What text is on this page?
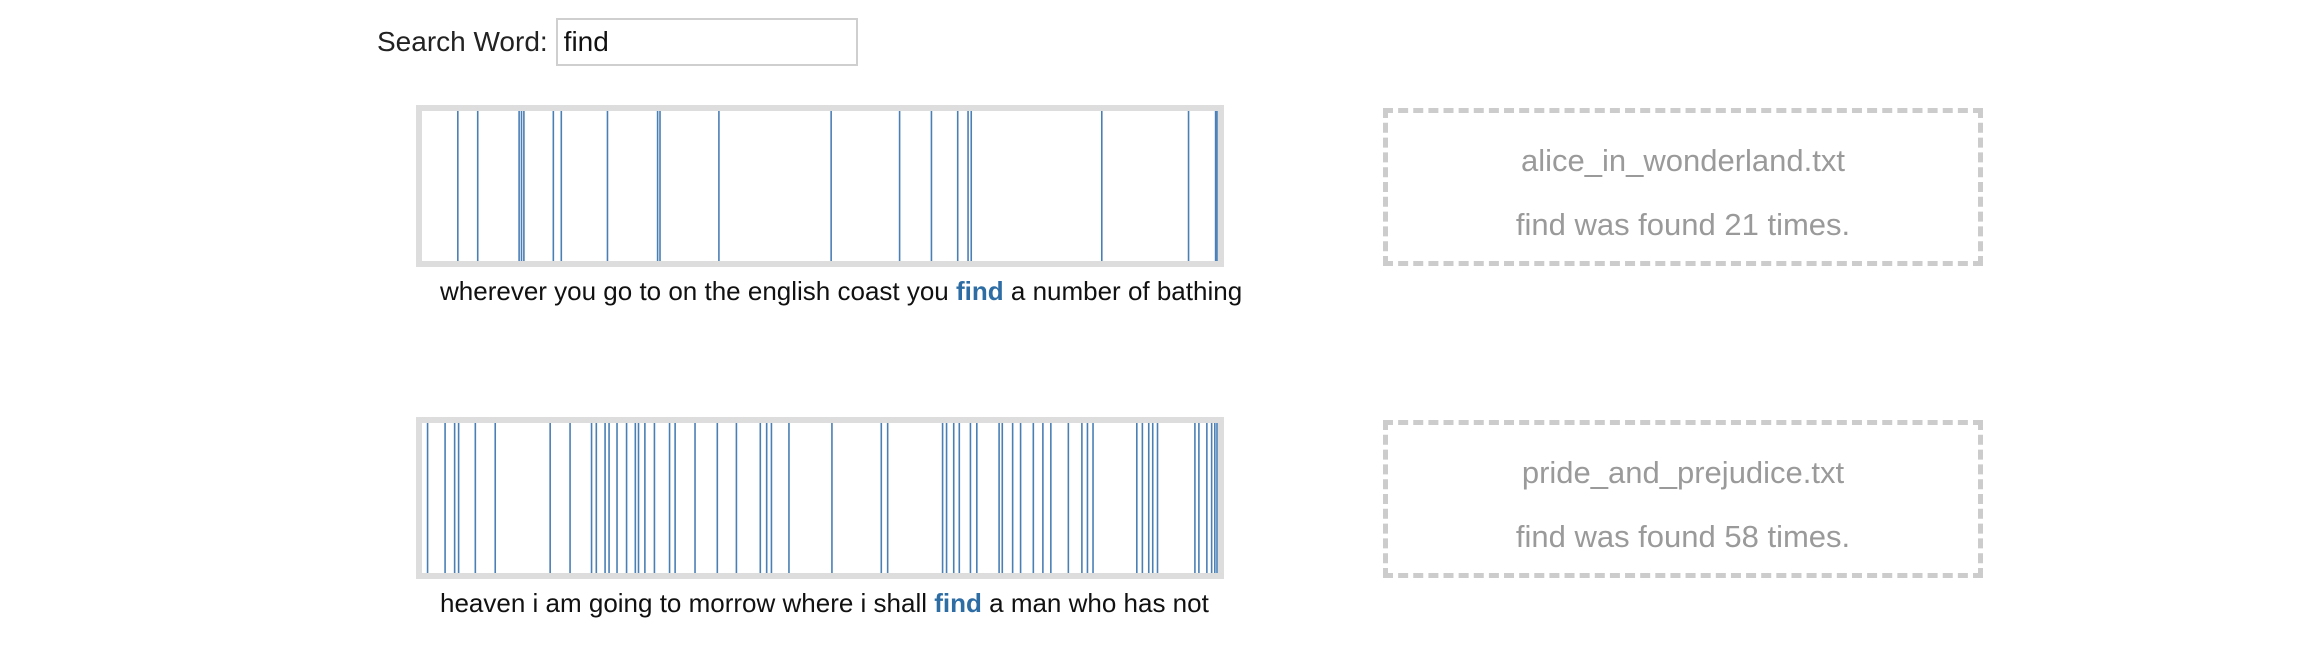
Search Word:
find
wherever you go to on the english coast you find a number of bathing
alice_in_wonderland.txt
find was found 21 times.
heaven i am going to morrow where i shall find a man who has not
pride_and_prejudice.txt
find was found 58 times.
